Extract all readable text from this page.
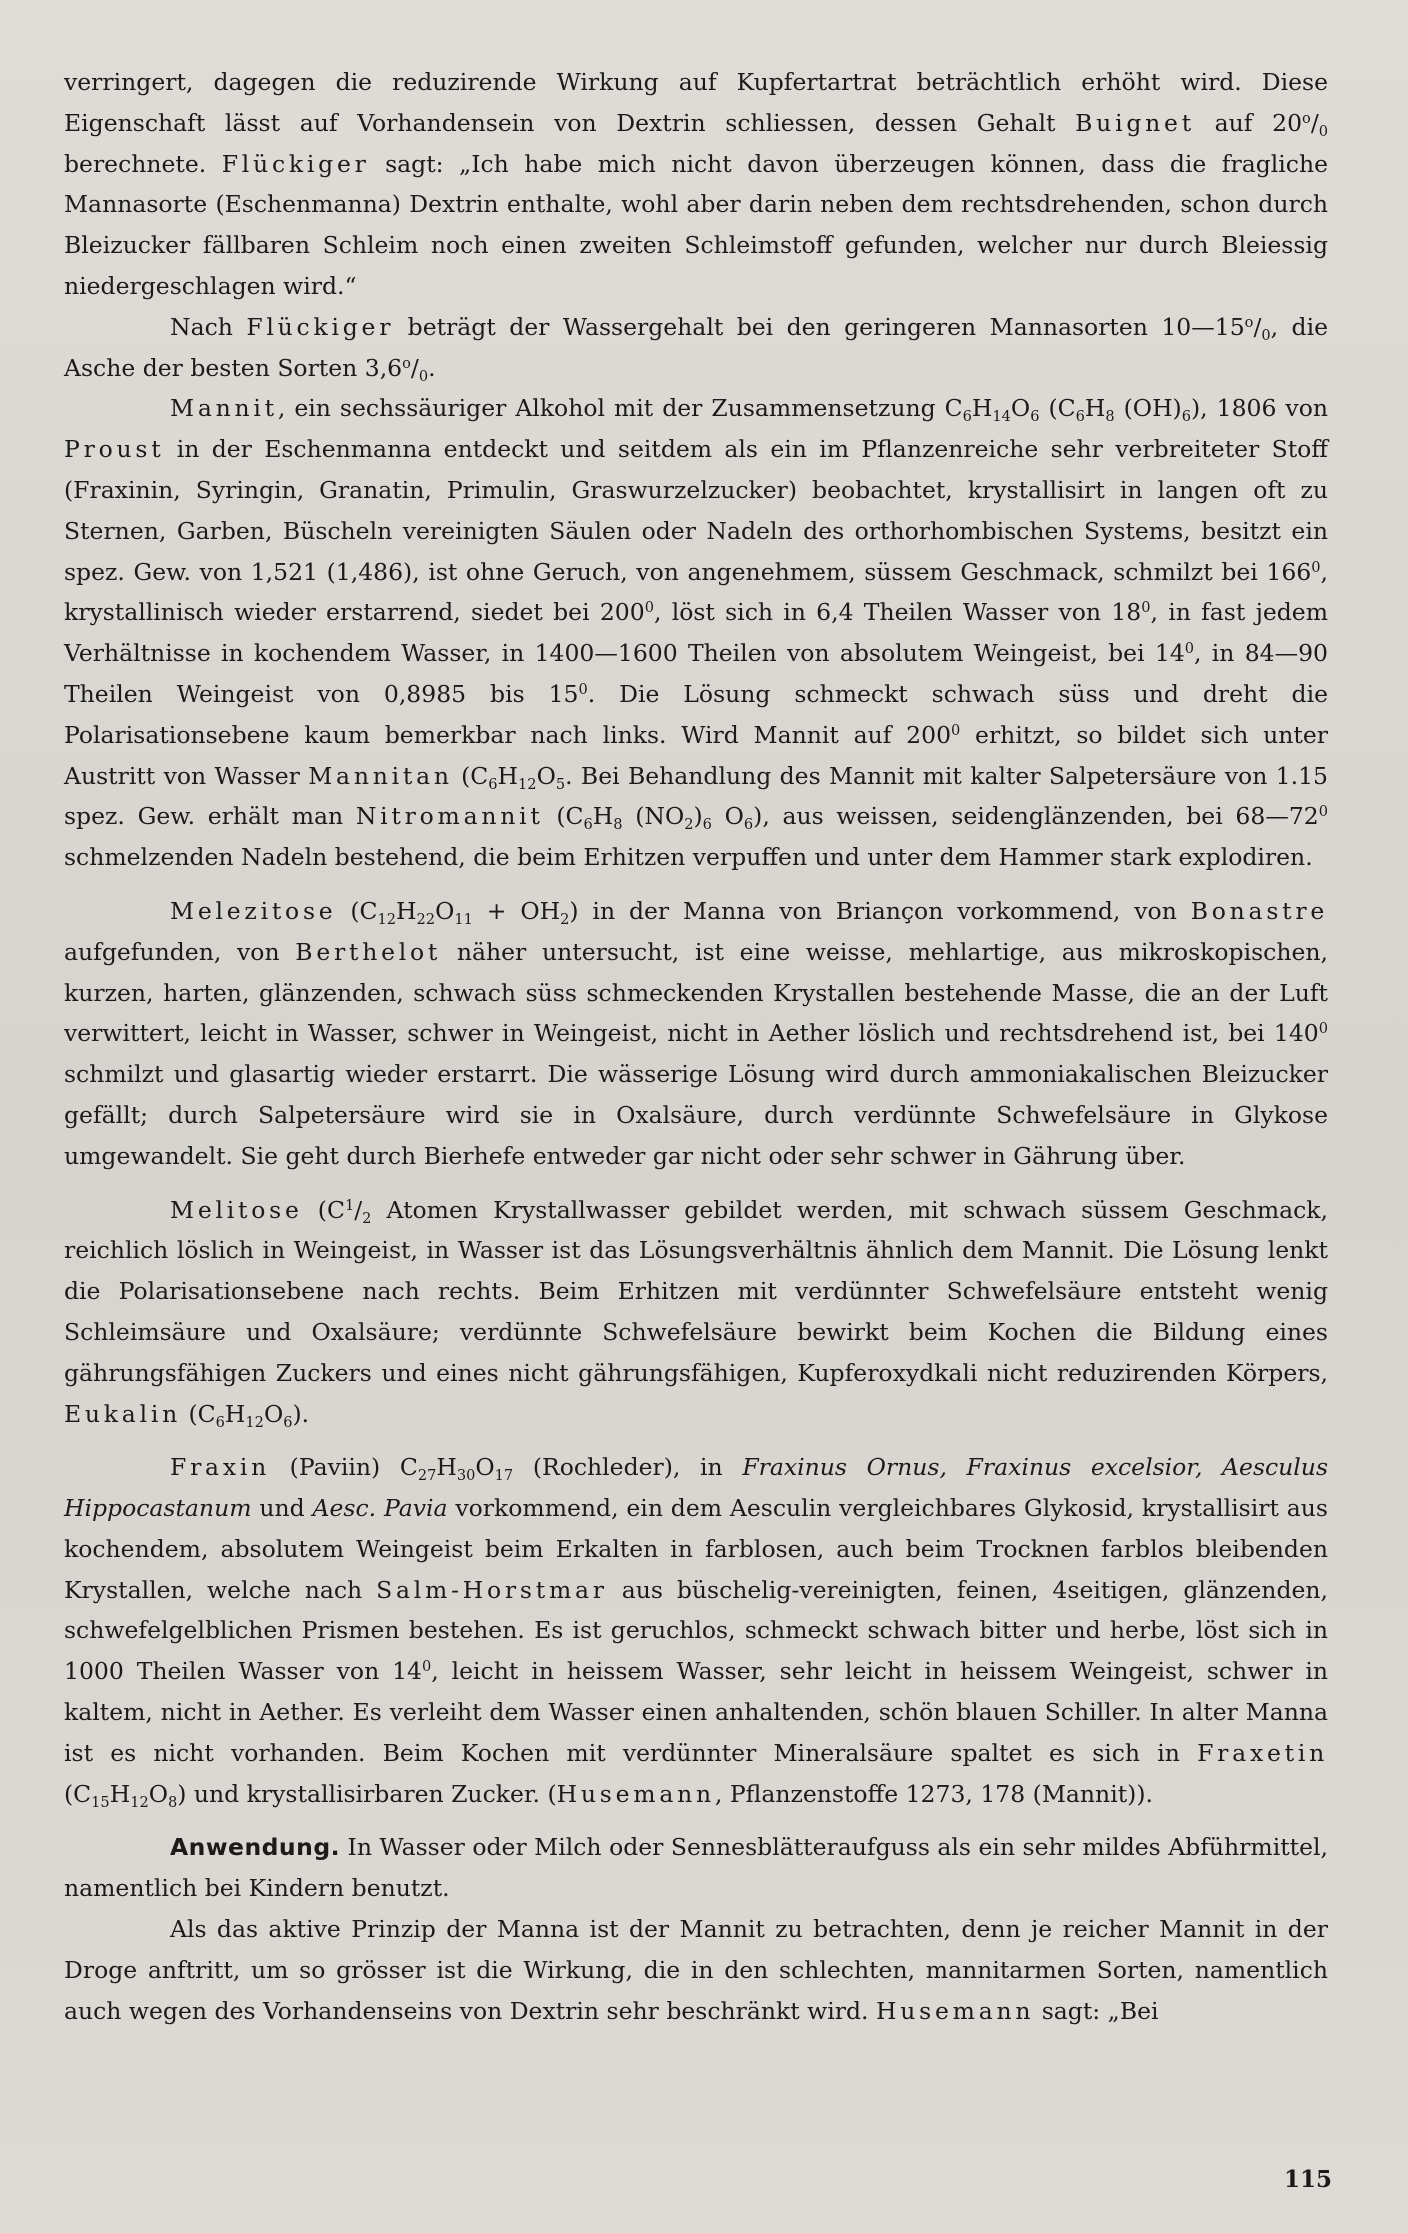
verringert, dagegen die reduzirende Wirkung auf Kupfertartrat beträchtlich erhöht wird. Diese Eigenschaft lässt auf Vorhandensein von Dextrin schliessen, dessen Gehalt Buignet auf $20^o/_0$ berechnete. Flückiger sagt: „Ich habe mich nicht davon überzeugen können, dass die fragliche Mannasorte (Eschenmanna) Dextrin enthalte, wohl aber darin neben dem rechtsdrehenden, schon durch Bleizucker fällbaren Schleim noch einen zweiten Schleimstoff gefunden, welcher nur durch Bleiessig niedergeschlagen wird.“

Nach Flückiger beträgt der Wassergehalt bei den geringeren Mannasorten $10—15^o/_0$, die Asche der besten Sorten $3,6^o/_0$.

Mannit, ein sechssäuriger Alkohol mit der Zusammensetzung $C_6H_{14}O_6$ ($C_6H_8$ $(OH)_6$), 1806 von Proust in der Eschenmanna entdeckt und seitdem als ein im Pflanzenreiche sehr verbreiteter Stoff (Fraxinin, Syringin, Granatin, Primulin, Graswurzelzucker) beobachtet, krystallisirt in langen oft zu Sternen, Garben, Büscheln vereinigten Säulen oder Nadeln des orthorhombischen Systems, besitzt ein spez. Gew. von 1,521 (1,486), ist ohne Geruch, von angenehmem, süssem Geschmack, schmilzt bei $166^0$, krystallinisch wieder erstarrend, siedet bei $200^0$, löst sich in 6,4 Theilen Wasser von $18^0$, in fast jedem Verhältnisse in kochendem Wasser, in 1400—1600 Theilen von absolutem Weingeist, bei $14^0$, in 84—90 Theilen Weingeist von 0,8985 bis $15^0$. Die Lösung schmeckt schwach süss und dreht die Polarisationsebene kaum bemerkbar nach links. Wird Mannit auf $200^0$ erhitzt, so bildet sich unter Austritt von Wasser Mannitan ($C_6H_{12}O_5$. Bei Behandlung des Mannit mit kalter Salpetersäure von 1.15 spez. Gew. erhält man Nitromannit ($C_6H_8$ $(NO_2)_6$ $O_6$), aus weissen, seidenglänzenden, bei $68—72^0$ schmelzenden Nadeln bestehend, die beim Erhitzen verpuffen und unter dem Hammer stark explodiren.

Melezitose $(C_{12}H_{22}O_{11} + OH_2)$ in der Manna von Briançon vorkommend, von Bonastre aufgefunden, von Berthelot näher untersucht, ist eine weisse, mehlartige, aus mikroskopischen, kurzen, harten, glänzenden, schwach süss schmeckenden Krystallen bestehende Masse, die an der Luft verwittert, leicht in Wasser, schwer in Weingeist, nicht in Aether löslich und rechtsdrehend ist, bei $140^0$ schmilzt und glasartig wieder erstarrt. Die wässerige Lösung wird durch ammoniakalischen Bleizucker gefällt; durch Salpetersäure wird sie in Oxalsäure, durch verdünnte Schwefelsäure in Glykose umgewandelt. Sie geht durch Bierhefe entweder gar nicht oder sehr schwer in Gährung über.

Melitose ($C^1/_2$ Atomen Krystallwasser gebildet werden, mit schwach süssem Geschmack, reichlich löslich in Weingeist, in Wasser ist das Lösungsverhältnis ähnlich dem Mannit. Die Lösung lenkt die Polarisationsebene nach rechts. Beim Erhitzen mit verdünnter Schwefelsäure entsteht wenig Schleimsäure und Oxalsäure; verdünnte Schwefelsäure bewirkt beim Kochen die Bildung eines gährungsfähigen Zuckers und eines nicht gährungsfähigen, Kupferoxydkali nicht reduzirenden Körpers, Eukalin $(C_6H_{12}O_6)$.

Fraxin (Paviin) $C_{27}H_{30}O_{17}$ (Rochleder), in Fraxinus Ornus, Fraxinus excelsior, Aesculus Hippocastanum und Aesc. Pavia vorkommend, ein dem Aesculin vergleichbares Glykosid, krystallisirt aus kochendem, absolutem Weingeist beim Erkalten in farblosen, auch beim Trocknen farblos bleibenden Krystallen, welche nach Salm-Horstmar aus büschelig-vereinigten, feinen, 4seitigen, glänzenden, schwefelgelblichen Prismen bestehen. Es ist geruchlos, schmeckt schwach bitter und herbe, löst sich in 1000 Theilen Wasser von $14^0$, leicht in heissem Wasser, sehr leicht in heissem Weingeist, schwer in kaltem, nicht in Aether. Es verleiht dem Wasser einen anhaltenden, schön blauen Schiller. In alter Manna ist es nicht vorhanden. Beim Kochen mit verdünnter Mineralsäure spaltet es sich in Fraxetin $(C_{15}H_{12}O_8)$ und krystallisirbaren Zucker. (Husemann, Pflanzenstoffe 1273, 178 (Mannit)).

Anwendung. In Wasser oder Milch oder Sennesblätteraufguss als ein sehr mildes Abführmittel, namentlich bei Kindern benutzt.

Als das aktive Prinzip der Manna ist der Mannit zu betrachten, denn je reicher Mannit in der Droge anftritt, um so grösser ist die Wirkung, die in den schlechten, mannitarmen Sorten, namentlich auch wegen des Vorhandenseins von Dextrin sehr beschränkt wird. Husemann sagt: „Bei

115
